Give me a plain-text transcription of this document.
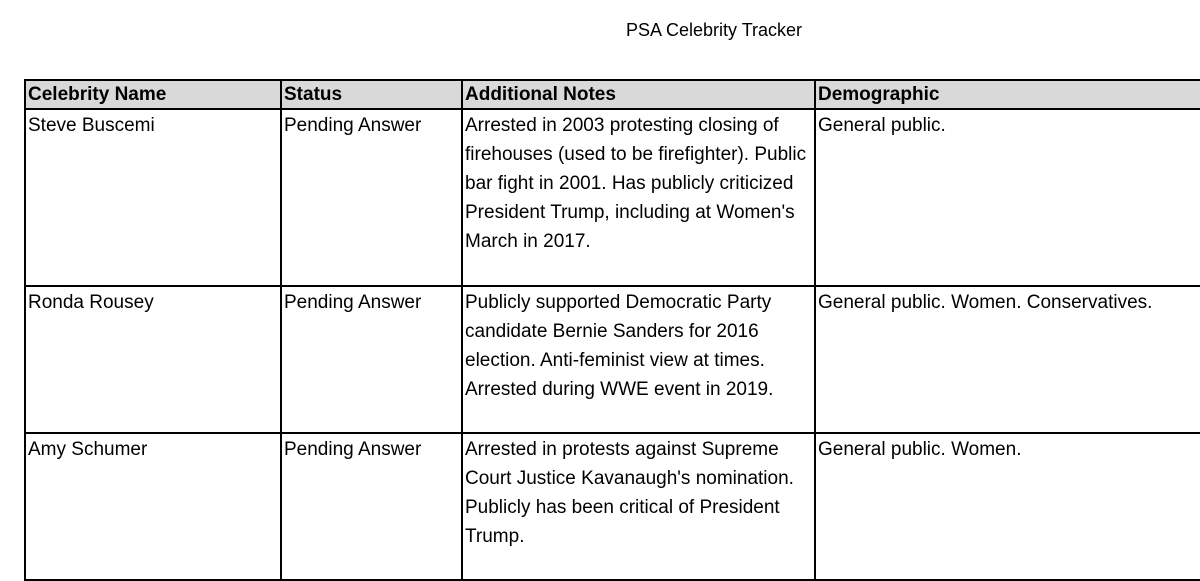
PSA Celebrity Tracker
Celebrity Name	Status	Additional Notes	Demographic
Steve Buscemi	Pending Answer	Arrested in 2003 protesting closing of firehouses (used to be firefighter). Public bar fight in 2001. Has publicly criticized President Trump, including at Women's March in 2017.	General public.
Ronda Rousey	Pending Answer	Publicly supported Democratic Party candidate Bernie Sanders for 2016 election. Anti-feminist view at times. Arrested during WWE event in 2019.	General public. Women. Conservatives.
Amy Schumer	Pending Answer	Arrested in protests against Supreme Court Justice Kavanaugh's nomination. Publicly has been critical of President Trump.	General public. Women.
